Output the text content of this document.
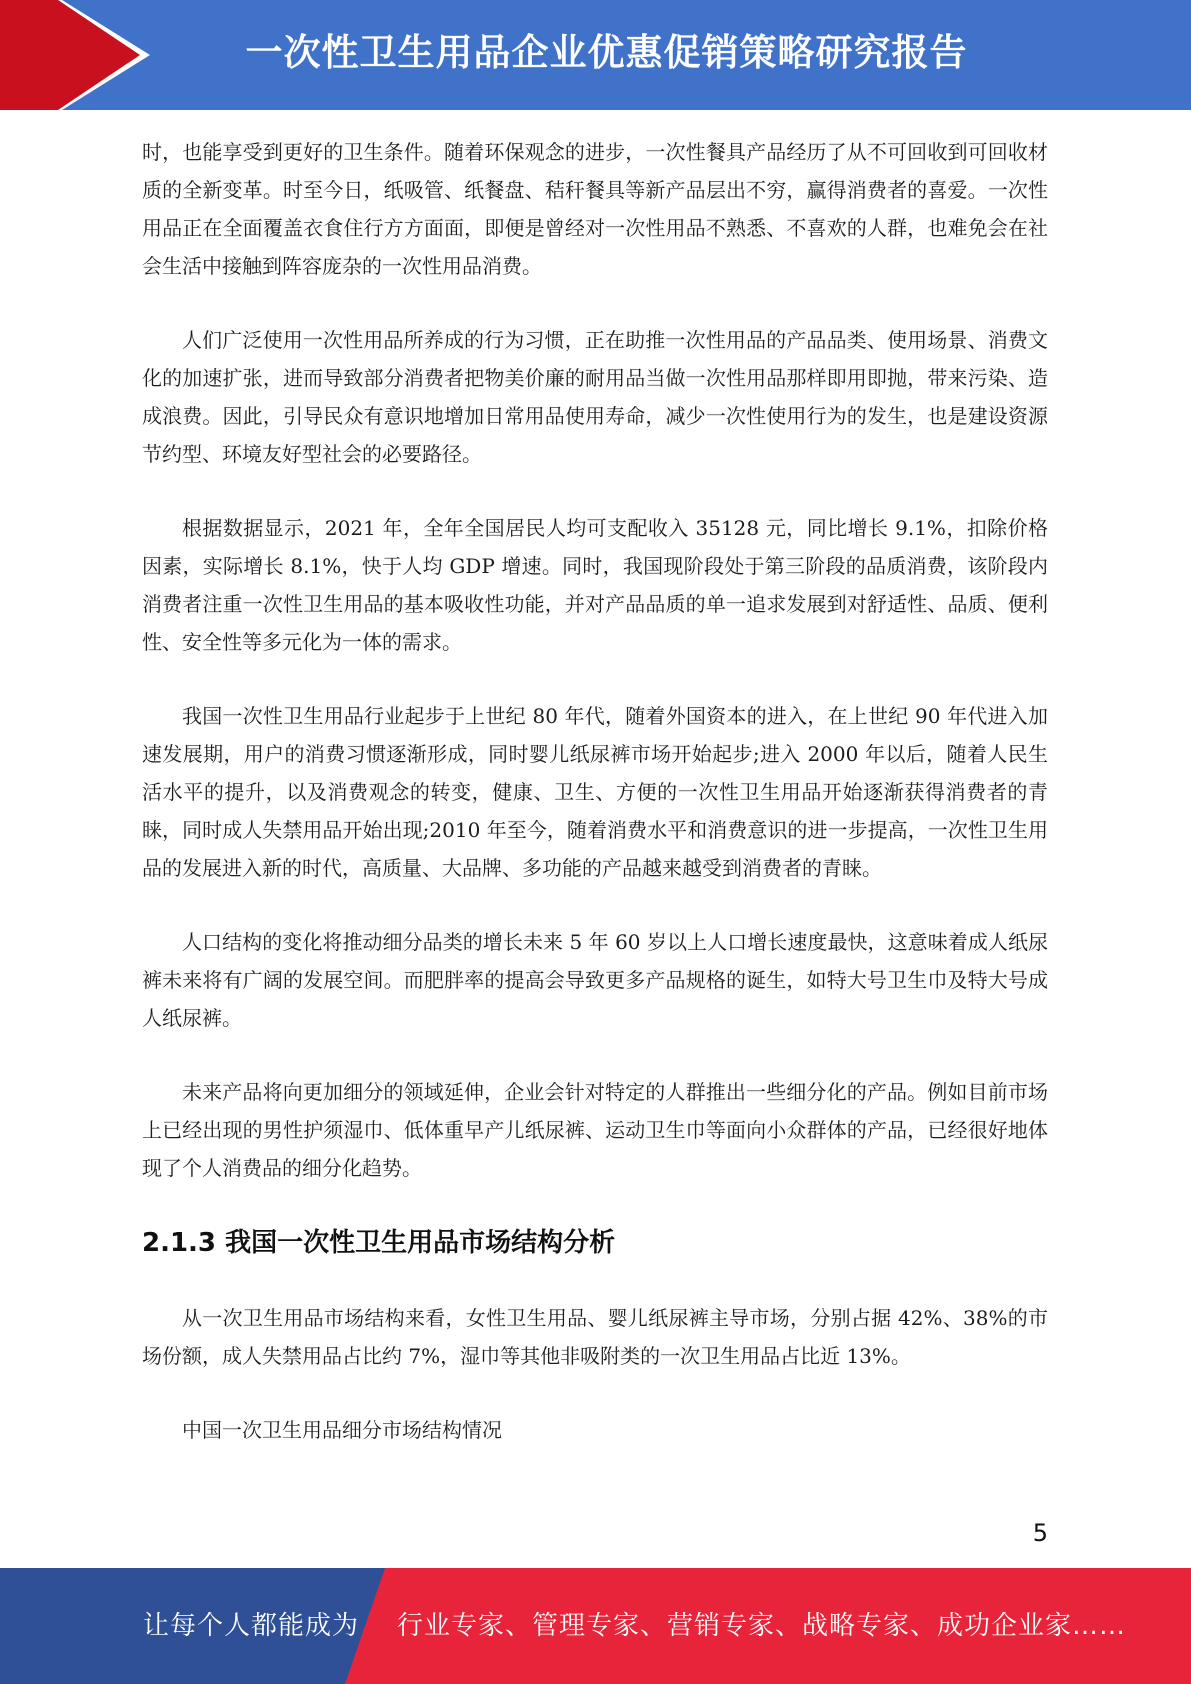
一次性卫生用品企业优惠促销策略研究报告

时，也能享受到更好的卫生条件。随着环保观念的进步，一次性餐具产品经历了从不可回收到可回收材质的全新变革。时至今日，纸吸管、纸餐盘、秸秆餐具等新产品层出不穷，赢得消费者的喜爱。一次性用品正在全面覆盖衣食住行方方面面，即便是曾经对一次性用品不熟悉、不喜欢的人群，也难免会在社会生活中接触到阵容庞杂的一次性用品消费。

人们广泛使用一次性用品所养成的行为习惯，正在助推一次性用品的产品品类、使用场景、消费文化的加速扩张，进而导致部分消费者把物美价廉的耐用品当做一次性用品那样即用即抛，带来污染、造成浪费。因此，引导民众有意识地增加日常用品使用寿命，减少一次性使用行为的发生，也是建设资源节约型、环境友好型社会的必要路径。

根据数据显示，2021 年，全年全国居民人均可支配收入 35128 元，同比增长 9.1%，扣除价格因素，实际增长 8.1%，快于人均 GDP 增速。同时，我国现阶段处于第三阶段的品质消费，该阶段内消费者注重一次性卫生用品的基本吸收性功能，并对产品品质的单一追求发展到对舒适性、品质、便利性、安全性等多元化为一体的需求。

我国一次性卫生用品行业起步于上世纪 80 年代，随着外国资本的进入，在上世纪 90 年代进入加速发展期，用户的消费习惯逐渐形成，同时婴儿纸尿裤市场开始起步;进入 2000 年以后，随着人民生活水平的提升，以及消费观念的转变，健康、卫生、方便的一次性卫生用品开始逐渐获得消费者的青睐，同时成人失禁用品开始出现;2010 年至今，随着消费水平和消费意识的进一步提高，一次性卫生用品的发展进入新的时代，高质量、大品牌、多功能的产品越来越受到消费者的青睐。

人口结构的变化将推动细分品类的增长未来 5 年 60 岁以上人口增长速度最快，这意味着成人纸尿裤未来将有广阔的发展空间。而肥胖率的提高会导致更多产品规格的诞生，如特大号卫生巾及特大号成人纸尿裤。

未来产品将向更加细分的领域延伸，企业会针对特定的人群推出一些细分化的产品。例如目前市场上已经出现的男性护须湿巾、低体重早产儿纸尿裤、运动卫生巾等面向小众群体的产品，已经很好地体现了个人消费品的细分化趋势。

2.1.3 我国一次性卫生用品市场结构分析

从一次卫生用品市场结构来看，女性卫生用品、婴儿纸尿裤主导市场，分别占据 42%、38%的市场份额，成人失禁用品占比约 7%，湿巾等其他非吸附类的一次卫生用品占比近 13%。

中国一次卫生用品细分市场结构情况

5
让每个人都能成为 行业专家、管理专家、营销专家、战略专家、成功企业家……
